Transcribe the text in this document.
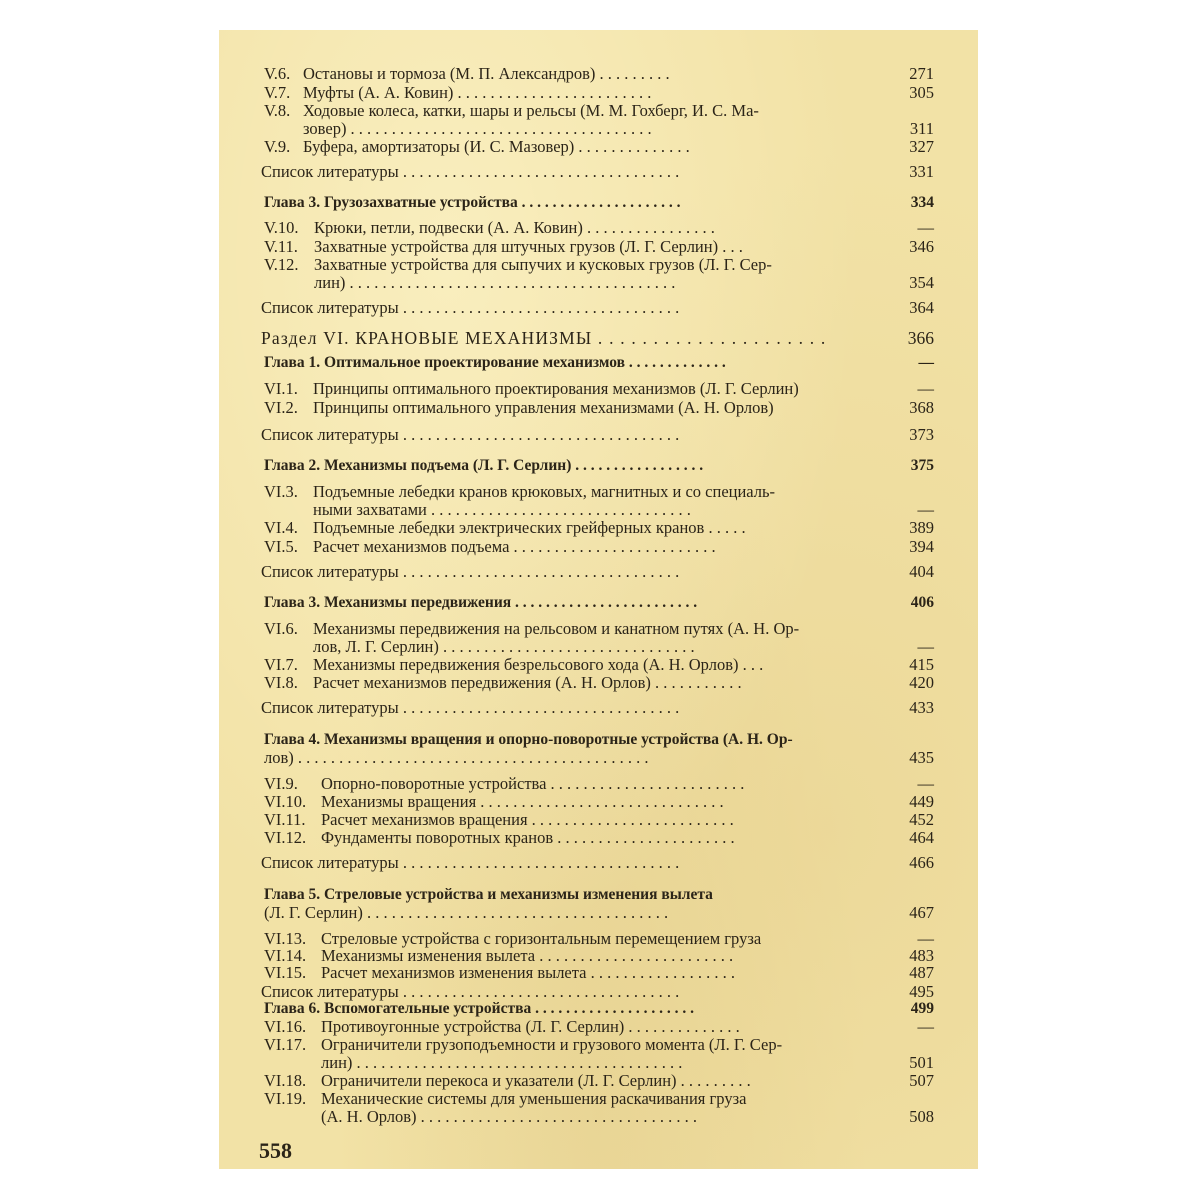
V.6. Остановы и тормоза (М. П. Александров) . . . . . . . . .	271
V.7. Муфты (А. А. Ковин) . . . . . . . . . . . . . . . . . . . . . . . .	305
V.8. Ходовые колеса, катки, шары и рельсы (М. М. Гохберг, И. С. Ма-
зовер) . . . . . . . . . . . . . . . . . . . . . . . . . . . . . . . . . . . . .	311
V.9. Буфера, амортизаторы (И. С. Мазовер) . . . . . . . . . . . . . .	327
Список литературы . . . . . . . . . . . . . . . . . . . . . . . . . . . . . . . . . .	331
Глава 3. Грузозахватные устройства . . . . . . . . . . . . . . . . . . . . .	334
V.10. Крюки, петли, подвески (А. А. Ковин) . . . . . . . . . . . . . . . .	—
V.11. Захватные устройства для штучных грузов (Л. Г. Серлин) . . .	346
V.12. Захватные устройства для сыпучих и кусковых грузов (Л. Г. Сер-
лин) . . . . . . . . . . . . . . . . . . . . . . . . . . . . . . . . . . . . . . . .	354
Список литературы . . . . . . . . . . . . . . . . . . . . . . . . . . . . . . . . . .	364
Раздел VI. КРАНОВЫЕ МЕХАНИЗМЫ . . . . . . . . . . . . . . . . . . . . .	366
Глава 1. Оптимальное проектирование механизмов . . . . . . . . . . . . .	—
VI.1. Принципы оптимального проектирования механизмов (Л. Г. Серлин)	—
VI.2. Принципы оптимального управления механизмами (А. Н. Орлов)	368
Список литературы . . . . . . . . . . . . . . . . . . . . . . . . . . . . . . . . . .	373
Глава 2. Механизмы подъема (Л. Г. Серлин) . . . . . . . . . . . . . . . . .	375
VI.3. Подъемные лебедки кранов крюковых, магнитных и со специаль-
ными захватами . . . . . . . . . . . . . . . . . . . . . . . . . . . . . . . .	—
VI.4. Подъемные лебедки электрических грейферных кранов . . . . .	389
VI.5. Расчет механизмов подъема . . . . . . . . . . . . . . . . . . . . . . . . .	394
Список литературы . . . . . . . . . . . . . . . . . . . . . . . . . . . . . . . . . .	404
Глава 3. Механизмы передвижения . . . . . . . . . . . . . . . . . . . . . . . .	406
VI.6. Механизмы передвижения на рельсовом и канатном путях (А. Н. Ор-
лов, Л. Г. Серлин) . . . . . . . . . . . . . . . . . . . . . . . . . . . . . . .	—
VI.7. Механизмы передвижения безрельсового хода (А. Н. Орлов) . . .	415
VI.8. Расчет механизмов передвижения (А. Н. Орлов) . . . . . . . . . . .	420
Список литературы . . . . . . . . . . . . . . . . . . . . . . . . . . . . . . . . . .	433
Глава 4. Механизмы вращения и опорно-поворотные устройства (А. Н. Ор-
лов) . . . . . . . . . . . . . . . . . . . . . . . . . . . . . . . . . . . . . . . . . . .	435
VI.9. Опорно-поворотные устройства . . . . . . . . . . . . . . . . . . . . . . . .	—
VI.10. Механизмы вращения . . . . . . . . . . . . . . . . . . . . . . . . . . . . . .	449
VI.11. Расчет механизмов вращения . . . . . . . . . . . . . . . . . . . . . . . . .	452
VI.12. Фундаменты поворотных кранов . . . . . . . . . . . . . . . . . . . . . .	464
Список литературы . . . . . . . . . . . . . . . . . . . . . . . . . . . . . . . . . .	466
Глава 5. Стреловые устройства и механизмы изменения вылета
(Л. Г. Серлин) . . . . . . . . . . . . . . . . . . . . . . . . . . . . . . . . . . . . .	467
VI.13. Стреловые устройства с горизонтальным перемещением груза	—
VI.14. Механизмы изменения вылета . . . . . . . . . . . . . . . . . . . . . . . .	483
VI.15. Расчет механизмов изменения вылета . . . . . . . . . . . . . . . . . .	487
Список литературы . . . . . . . . . . . . . . . . . . . . . . . . . . . . . . . . . .	495
Глава 6. Вспомогательные устройства . . . . . . . . . . . . . . . . . . . . .	499
VI.16. Противоугонные устройства (Л. Г. Серлин) . . . . . . . . . . . . . .	—
VI.17. Ограничители грузоподъемности и грузового момента (Л. Г. Сер-
лин) . . . . . . . . . . . . . . . . . . . . . . . . . . . . . . . . . . . . . . . .	501
VI.18. Ограничители перекоса и указатели (Л. Г. Серлин) . . . . . . . . .	507
VI.19. Механические системы для уменьшения раскачивания груза
(А. Н. Орлов) . . . . . . . . . . . . . . . . . . . . . . . . . . . . . . . . . .	508
558
